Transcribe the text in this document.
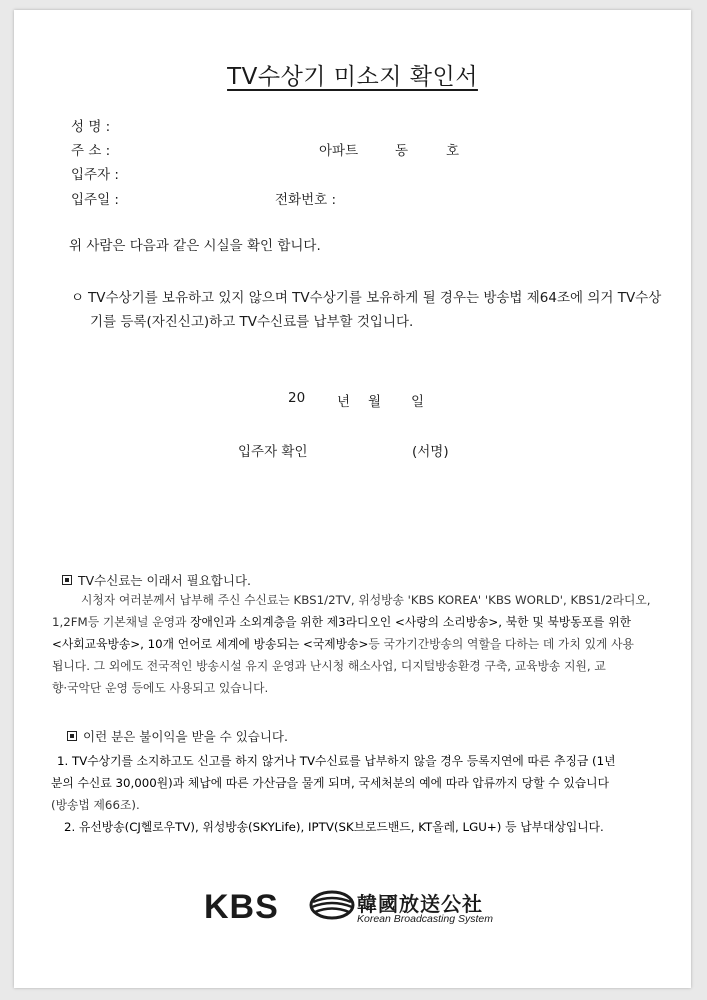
TV수상기 미소지 확인서
성 명 :
주 소 :	아파트	동	호
입주자 :
입주일 :	전화번호 :
위 사람은 다음과 같은 시실을 확인 합니다.
ㅇ TV수상기를 보유하고 있지 않으며 TV수상기를 보유하게 될 경우는 방송법 제64조에 의거 TV수상
기를 등록(자진신고)하고 TV수신료를 납부할 것입니다.
20 년 월 일
입주자 확인	(서명)
TV수신료는 이래서 필요합니다.
시청자 여러분께서 납부해 주신 수신료는 KBS1/2TV, 위성방송 'KBS KOREA' 'KBS WORLD', KBS1/2라디오,
1,2FM등 기본채널 운영과 장애인과 소외계층을 위한 제3라디오인 <사랑의 소리방송>, 북한 및 북방동포를 위한
<사회교육방송>, 10개 언어로 세계에 방송되는 <국제방송>등 국가기간방송의 역할을 다하는 데 가치 있게 사용
됩니다. 그 외에도 전국적인 방송시설 유지 운영과 난시청 해소사업, 디지털방송환경 구축, 교육방송 지원, 교
향·국악단 운영 등에도 사용되고 있습니다.
이런 분은 불이익을 받을 수 있습니다.
1. TV수상기를 소지하고도 신고를 하지 않거나 TV수신료를 납부하지 않을 경우 등록지연에 따른 추징금 (1년
분의 수신료 30,000원)과 체납에 따른 가산금을 물게 되며, 국세처분의 예에 따라 압류까지 당할 수 있습니다
(방송법 제66조).
2. 유선방송(CJ헬로우TV), 위성방송(SKYLife), IPTV(SK브로드밴드, KT올레, LGU+) 등 납부대상입니다.
KBS	韓國放送公社
Korean Broadcasting System
